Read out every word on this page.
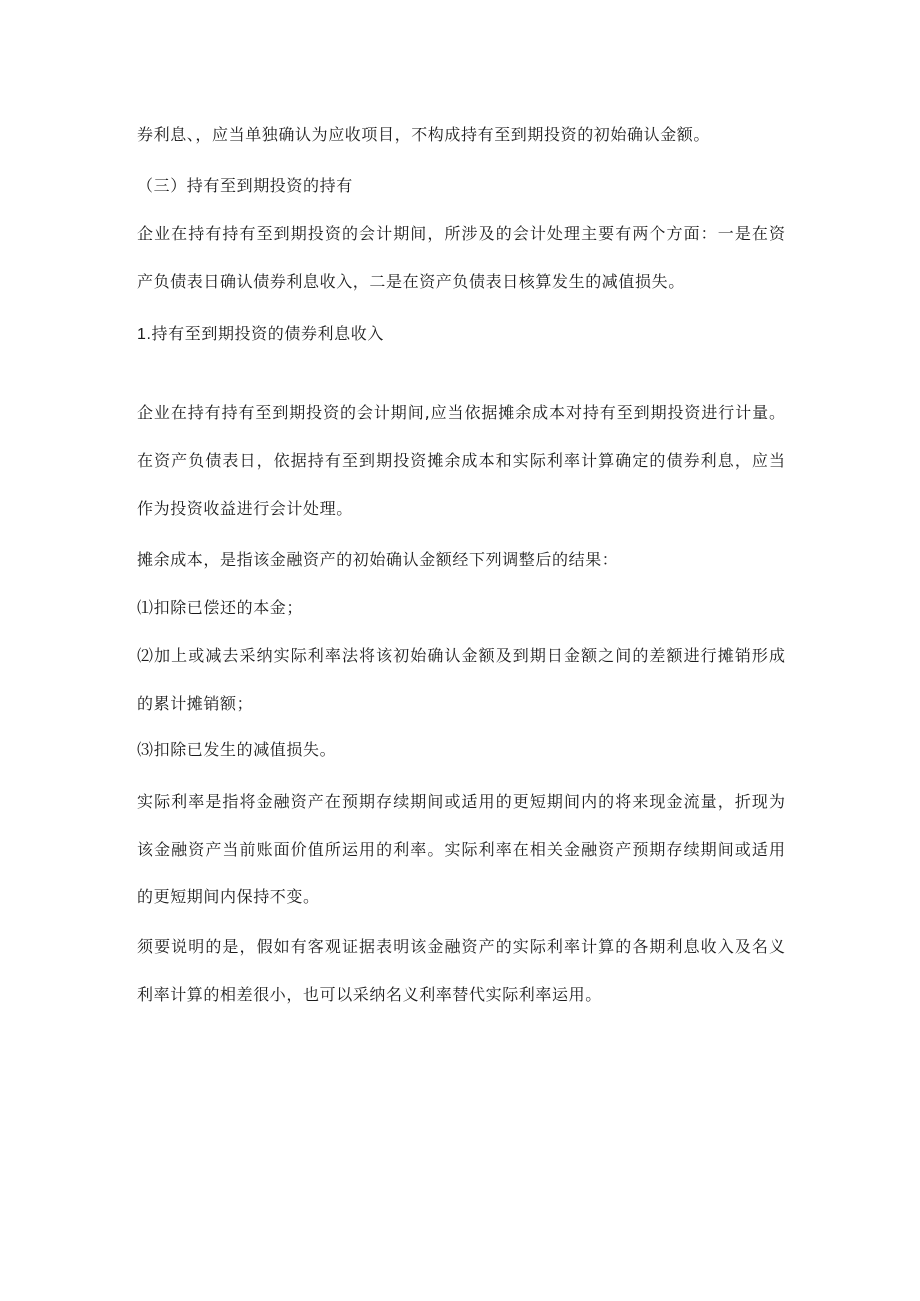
券利息、，应当单独确认为应收项目，不构成持有至到期投资的初始确认金额。
（三）持有至到期投资的持有
企业在持有持有至到期投资的会计期间，所涉及的会计处理主要有两个方面：一是在资
产负债表日确认债券利息收入，二是在资产负债表日核算发生的减值损失。
1.持有至到期投资的债券利息收入
企业在持有持有至到期投资的会计期间,应当依据摊余成本对持有至到期投资进行计量。
在资产负债表日，依据持有至到期投资摊余成本和实际利率计算确定的债券利息，应当
作为投资收益进行会计处理。
摊余成本，是指该金融资产的初始确认金额经下列调整后的结果：
⑴扣除已偿还的本金；
⑵加上或减去采纳实际利率法将该初始确认金额及到期日金额之间的差额进行摊销形成
的累计摊销额；
⑶扣除已发生的减值损失。
实际利率是指将金融资产在预期存续期间或适用的更短期间内的将来现金流量，折现为
该金融资产当前账面价值所运用的利率。实际利率在相关金融资产预期存续期间或适用
的更短期间内保持不变。
须要说明的是，假如有客观证据表明该金融资产的实际利率计算的各期利息收入及名义
利率计算的相差很小，也可以采纳名义利率替代实际利率运用。
